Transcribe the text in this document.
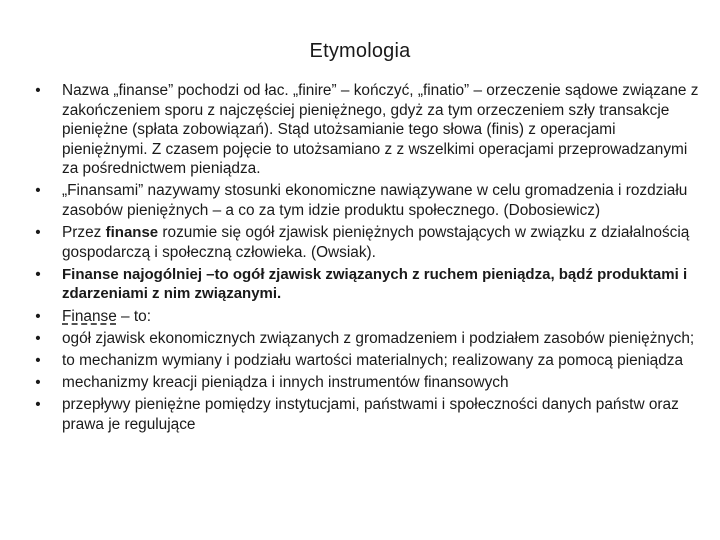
Etymologia
• Nazwa „finanse” pochodzi od łac. „finire” – kończyć, „finatio” – orzeczenie sądowe związane z zakończeniem sporu z najczęściej pieniężnego, gdyż za tym orzeczeniem szły transakcje pieniężne (spłata zobowiązań). Stąd utożsamianie tego słowa (finis) z operacjami pieniężnymi. Z czasem pojęcie to utożsamiano z z wszelkimi operacjami przeprowadzanymi za pośrednictwem pieniądza.
• „Finansami” nazywamy stosunki ekonomiczne nawiązywane w celu gromadzenia i rozdziału zasobów pieniężnych – a co za tym idzie produktu społecznego. (Dobosiewicz)
• Przez finanse rozumie się ogół zjawisk pieniężnych powstających w związku z działalnością gospodarczą i społeczną człowieka. (Owsiak).
• Finanse najogólniej –to ogół zjawisk związanych z ruchem pieniądza, bądź produktami i zdarzeniami z nim związanymi.
• Finanse – to:
• ogół zjawisk ekonomicznych związanych z gromadzeniem i podziałem zasobów pieniężnych;
• to mechanizm wymiany i podziału wartości materialnych; realizowany za pomocą pieniądza
• mechanizmy kreacji pieniądza i innych instrumentów finansowych
• przepływy pieniężne pomiędzy instytucjami, państwami i społeczności danych państw oraz prawa je regulujące
